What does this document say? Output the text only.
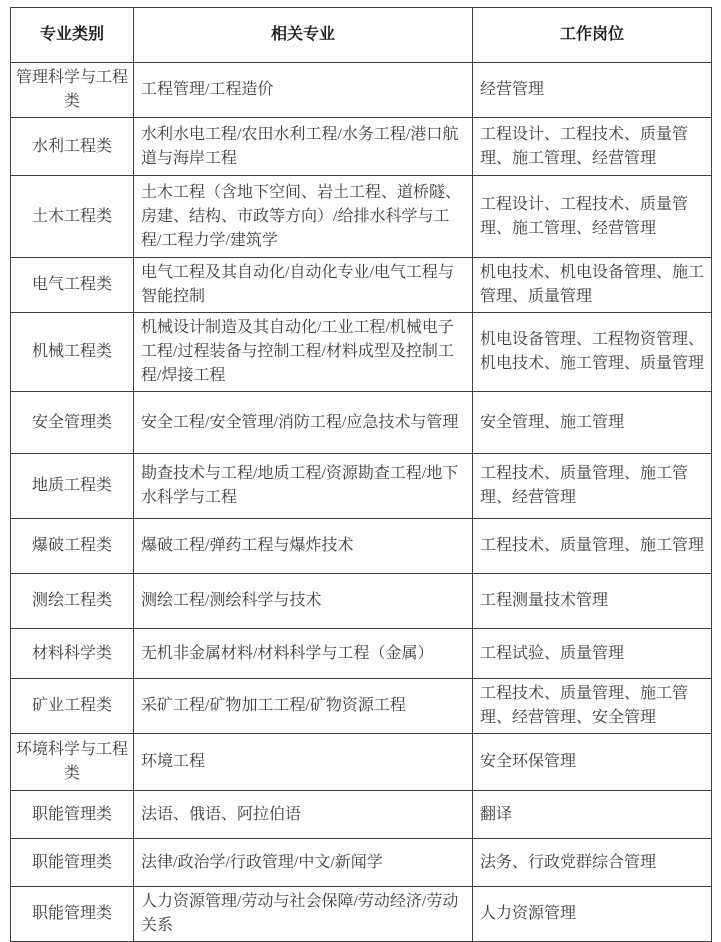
专业类别	相关专业	工作岗位
管理科学与工程类	工程管理/工程造价	经营管理
水利工程类	水利水电工程/农田水利工程/水务工程/港口航道与海岸工程	工程设计、工程技术、质量管理、施工管理、经营管理
土木工程类	土木工程（含地下空间、岩土工程、道桥隧、房建、结构、市政等方向）/给排水科学与工程/工程力学/建筑学	工程设计、工程技术、质量管理、施工管理、经营管理
电气工程类	电气工程及其自动化/自动化专业/电气工程与智能控制	机电技术、机电设备管理、施工管理、质量管理
机械工程类	机械设计制造及其自动化/工业工程/机械电子工程/过程装备与控制工程/材料成型及控制工程/焊接工程	机电设备管理、工程物资管理、机电技术、施工管理、质量管理
安全管理类	安全工程/安全管理/消防工程/应急技术与管理	安全管理、施工管理
地质工程类	勘查技术与工程/地质工程/资源勘查工程/地下水科学与工程	工程技术、质量管理、施工管理、经营管理
爆破工程类	爆破工程/弹药工程与爆炸技术	工程技术、质量管理、施工管理
测绘工程类	测绘工程/测绘科学与技术	工程测量技术管理
材料科学类	无机非金属材料/材料科学与工程（金属）	工程试验、质量管理
矿业工程类	采矿工程/矿物加工工程/矿物资源工程	工程技术、质量管理、施工管理、经营管理、安全管理
环境科学与工程类	环境工程	安全环保管理
职能管理类	法语、俄语、阿拉伯语	翻译
职能管理类	法律/政治学/行政管理/中文/新闻学	法务、行政党群综合管理
职能管理类	人力资源管理/劳动与社会保障/劳动经济/劳动关系	人力资源管理
